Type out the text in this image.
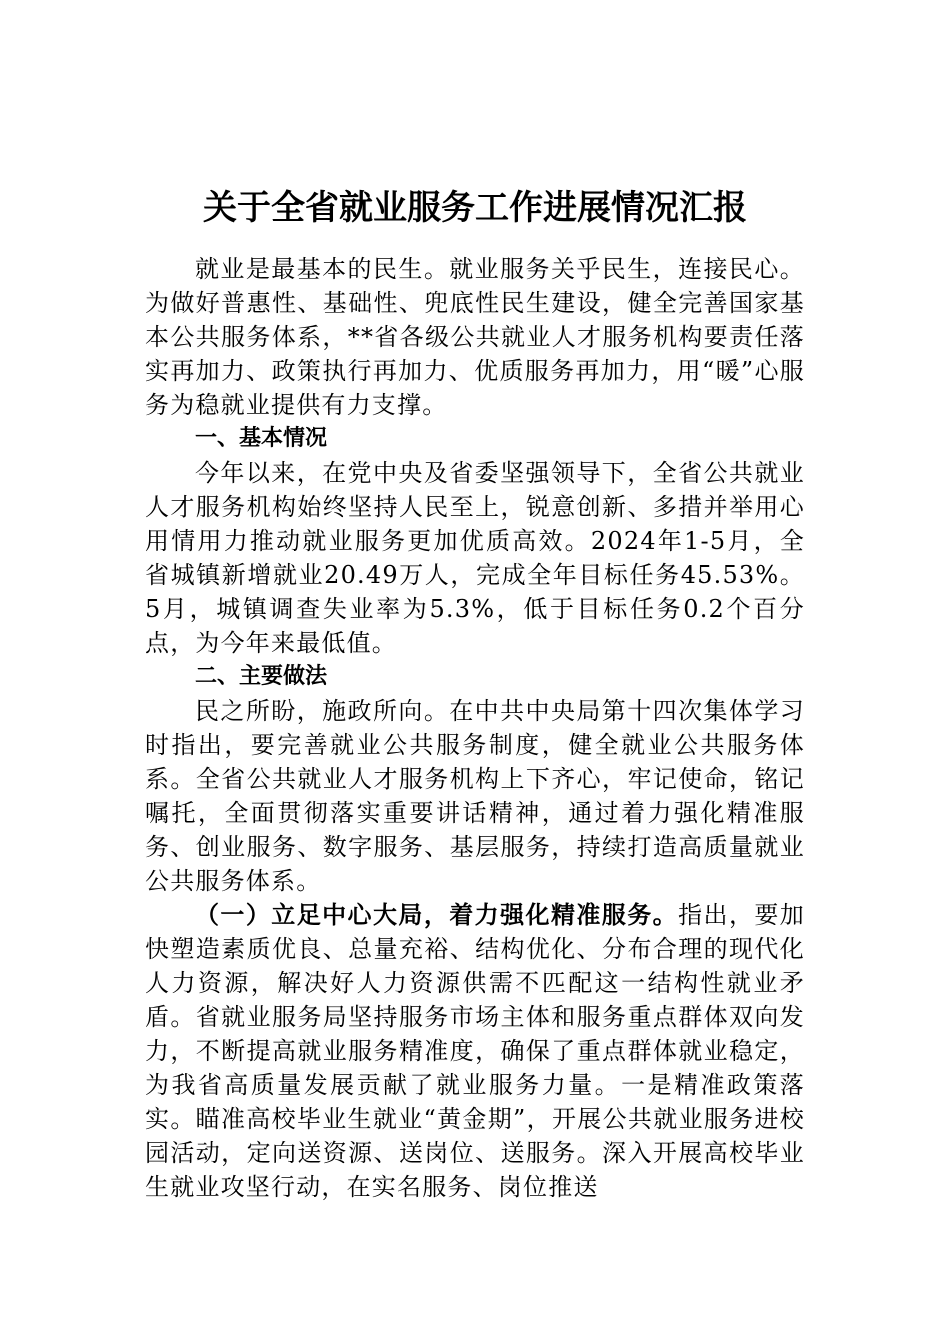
关于全省就业服务工作进展情况汇报

就业是最基本的民生。就业服务关乎民生，连接民心。为做好普惠性、基础性、兜底性民生建设，健全完善国家基本公共服务体系，**省各级公共就业人才服务机构要责任落实再加力、政策执行再加力、优质服务再加力，用“暖”心服务为稳就业提供有力支撑。

一、基本情况

今年以来，在党中央及省委坚强领导下，全省公共就业人才服务机构始终坚持人民至上，锐意创新、多措并举用心用情用力推动就业服务更加优质高效。2024年1-5月，全省城镇新增就业20.49万人，完成全年目标任务45.53%。5月，城镇调查失业率为5.3%，低于目标任务0.2个百分点，为今年来最低值。

二、主要做法

民之所盼，施政所向。在中共中央局第十四次集体学习时指出，要完善就业公共服务制度，健全就业公共服务体系。全省公共就业人才服务机构上下齐心，牢记使命，铭记嘱托，全面贯彻落实重要讲话精神，通过着力强化精准服务、创业服务、数字服务、基层服务，持续打造高质量就业公共服务体系。

（一）立足中心大局，着力强化精准服务。指出，要加快塑造素质优良、总量充裕、结构优化、分布合理的现代化人力资源，解决好人力资源供需不匹配这一结构性就业矛盾。省就业服务局坚持服务市场主体和服务重点群体双向发力，不断提高就业服务精准度，确保了重点群体就业稳定，为我省高质量发展贡献了就业服务力量。一是精准政策落实。瞄准高校毕业生就业“黄金期”，开展公共就业服务进校园活动，定向送资源、送岗位、送服务。深入开展高校毕业生就业攻坚行动，在实名服务、岗位推送
